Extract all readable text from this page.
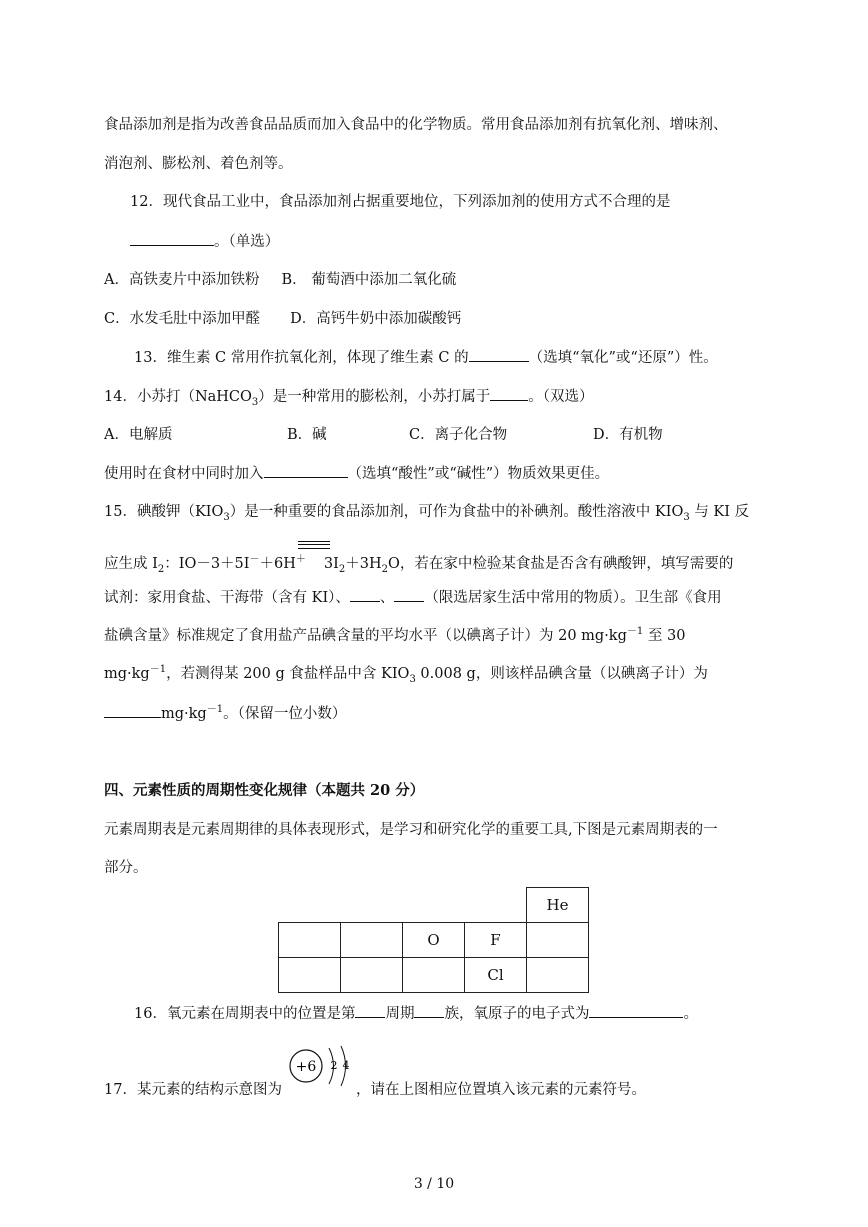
食品添加剂是指为改善食品品质而加入食品中的化学物质。常用食品添加剂有抗氧化剂、增味剂、
消泡剂、膨松剂、着色剂等。
12．现代食品工业中，食品添加剂占据重要地位，下列添加剂的使用方式不合理的是
。（单选）
A．高铁麦片中添加铁粉 B． 葡萄酒中添加二氧化硫
C．水发毛肚中添加甲醛 D．高钙牛奶中添加碳酸钙
13．维生素 C 常用作抗氧化剂，体现了维生素 C 的	（选填“氧化”或“还原”）性。
14．小苏打（NaHCO$_3$）是一种常用的膨松剂，小苏打属于	。（双选）
A．电解质	B．碱	C．离子化合物	D．有机物
使用时在食材中同时加入	（选填“酸性”或“碱性”）物质效果更佳。
15．碘酸钾$(KIO_3)$是一种重要的食品添加剂，可作为食盐中的补碘剂。酸性溶液中 $KIO_3$ 与 KI 反
应生成 $I_2$：IO－3＋5I－＋6H＋ $3I_2+3H_2O$，若在家中检验某食盐是否含有碘酸钾，填写需要的
试剂：家用食盐、干海带（含有 KI）、 、 （限选居家生活中常用的物质）。卫生部《食用
盐碘含量》标准规定了食用盐产品碘含量的平均水平（以碘离子计）为 20 $mg\cdot kg^{-1}$ 至 30
$mg\cdot kg^{-1}$，若测得某 200 g 食盐样品中含 $KIO_3$ 0.008 g，则该样品碘含量（以碘离子计）为
$mg\cdot kg^{-1}$。（保留一位小数）
四、元素性质的周期性变化规律（本题共 20 分）
元素周期表是元素周期律的具体表现形式，是学习和研究化学的重要工具,下图是元素周期表的一
部分。
				He
		O	F	
			Cl	
16．氧元素在周期表中的位置是第 周期 族，氧原子的电子式为	。
17．某元素的结构示意图为
+6 2 4
，请在上图相应位置填入该元素的元素符号。
3 / 10
